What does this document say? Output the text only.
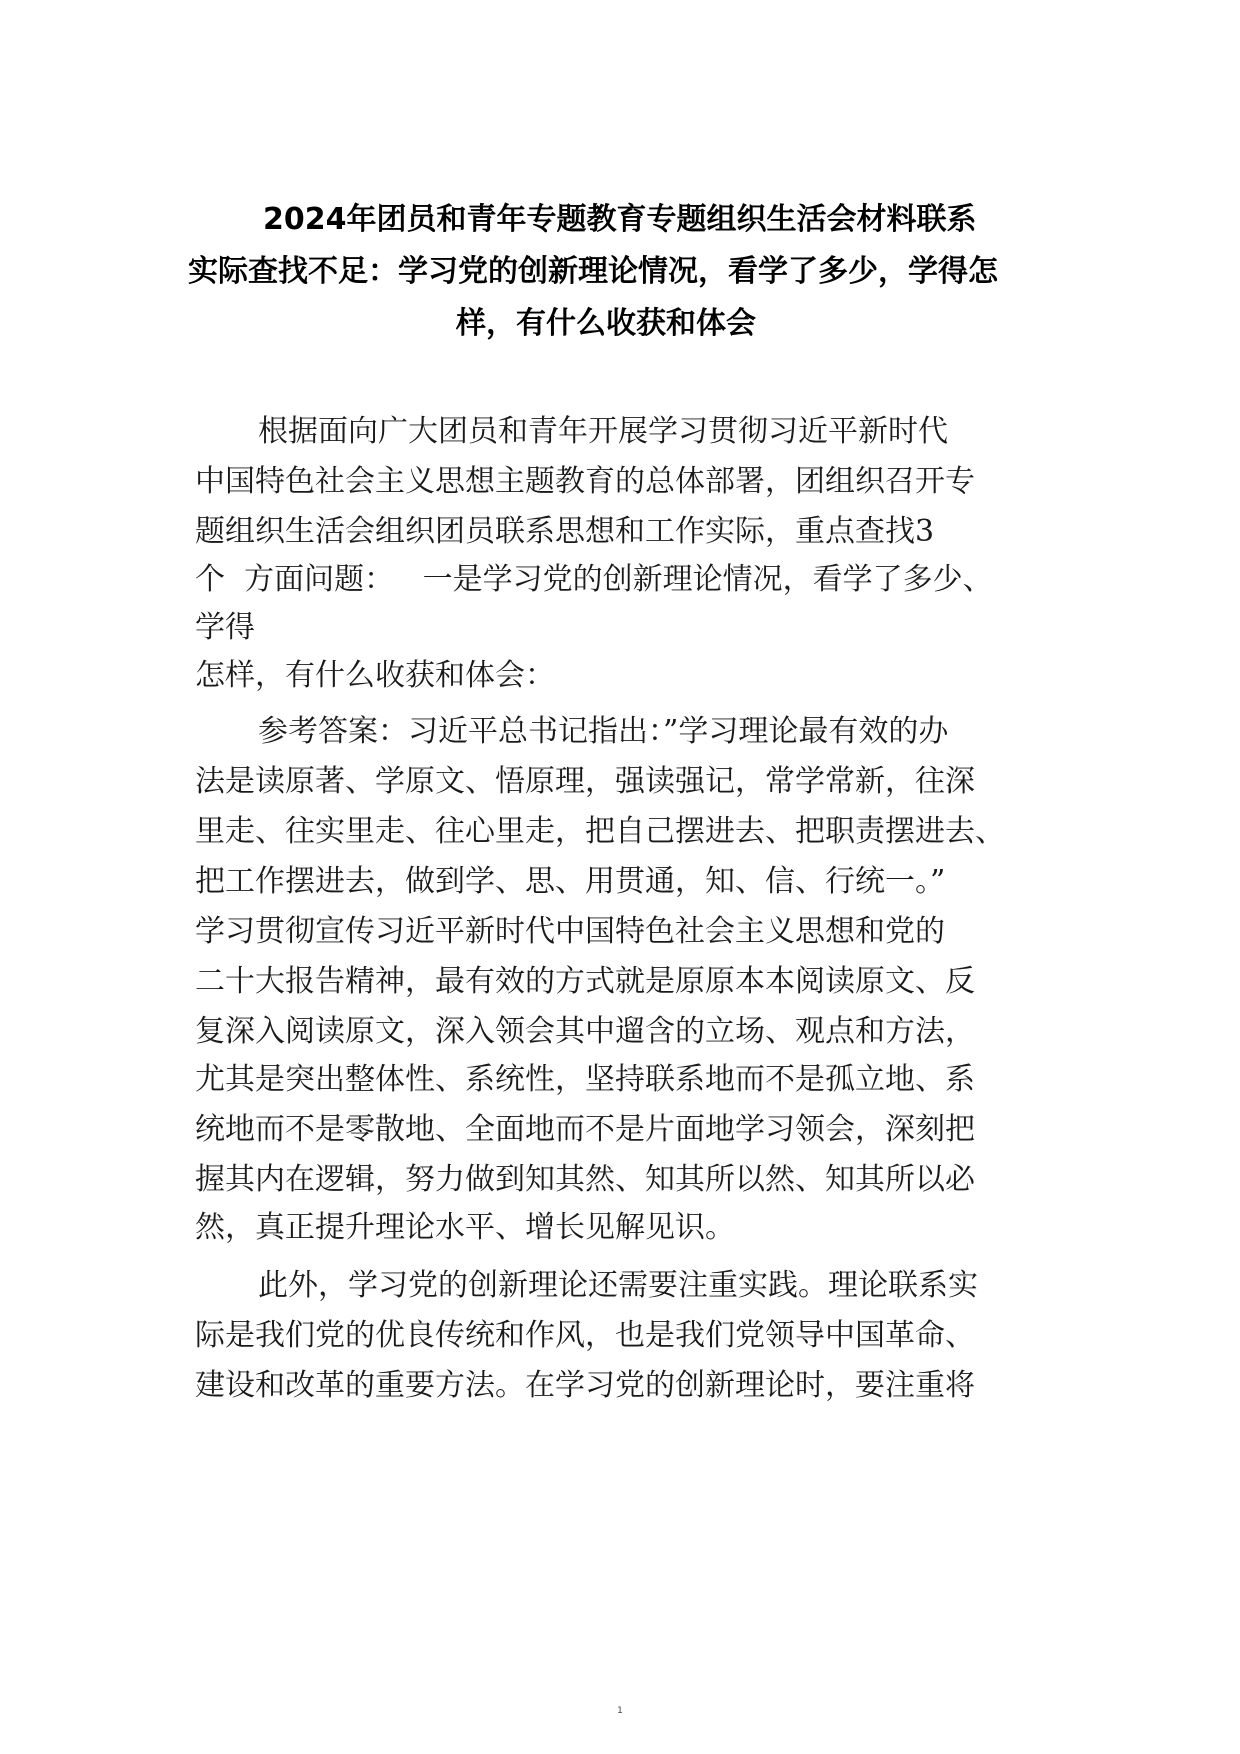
2024年团员和青年专题教育专题组织生活会材料联系
实际查找不足：学习党的创新理论情况，看学了多少，学得怎
样，有什么收获和体会
根据面向广大团员和青年开展学习贯彻习近平新时代
中国特色社会主义思想主题教育的总体部署，团组织召开专
题组织生活会组织团员联系思想和工作实际，重点查找3
个  方面问题：   一是学习党的创新理论情况，看学了多少、
学得
怎样，有什么收获和体会：
参考答案：习近平总书记指出：”学习理论最有效的办
法是读原著、学原文、悟原理，强读强记，常学常新，往深
里走、往实里走、往心里走，把自己摆进去、把职责摆进去、
把工作摆进去，做到学、思、用贯通，知、信、行统一。”
学习贯彻宣传习近平新时代中国特色社会主义思想和党的
二十大报告精神，最有效的方式就是原原本本阅读原文、反
复深入阅读原文，深入领会其中遛含的立场、观点和方法，
尤其是突出整体性、系统性，坚持联系地而不是孤立地、系
统地而不是零散地、全面地而不是片面地学习领会，深刻把
握其内在逻辑，努力做到知其然、知其所以然、知其所以必
然，真正提升理论水平、增长见解见识。
此外，学习党的创新理论还需要注重实践。理论联系实
际是我们党的优良传统和作风，也是我们党领导中国革命、
建设和改革的重要方法。在学习党的创新理论时，要注重将
1
